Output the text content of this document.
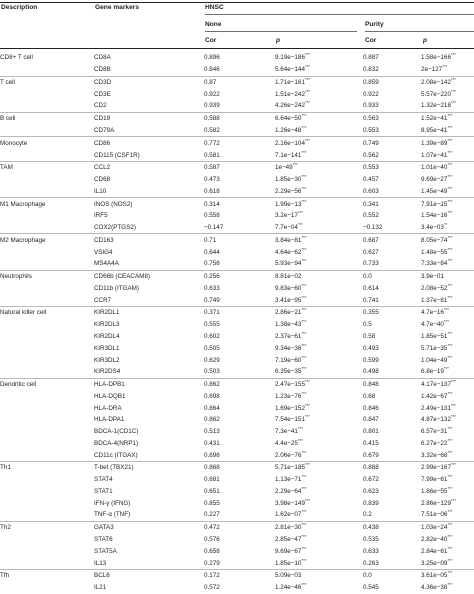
Description	Gene markers	HNSC
None	Purity
Cor	p	Cor	p
CD8+ T cell	CD8A	0.896	9.19e−186***	0.887	1.58e−166***
	CD8B	0.846	5.64e−144***	0.832	2e−127***
T cell	CD3D	0.87	1.71e−161***	0.859	2.08e−142***
	CD3E	0.922	1.51e−242***	0.922	5.57e−220***
	CD2	0.939	4.26e−242***	0.933	1.32e−218***
B cell	CD19	0.588	6.64e−50***	0.563	1.52e−41***
	CD79A	0.582	1.26e−48***	0.553	8.95e−41***
Monocyte	CD86	0.772	2.16e−104***	0.749	1.39e−89***
	CD115 (CSF1R)	0.581	7.1e−141***	0.562	1.07e−41***
TAM	CCL2	0.587	1e−49***	0.553	1.01e−40***
	CD68	0.473	1.85e−30***	0.457	9.69e−27***
	IL10	0.618	2.29e−56***	0.603	1.45e−49***
M1 Macrophage	INOS (NOS2)	0.314	1.99e−13***	0.341	7.91e−15***
	IRF5	0.558	3.2e−17***	0.552	1.54e−16***
	COX2(PTGS2)	−0.147	7.7e−04***	−0.132	3.4e−03**
M2 Macrophage	CD163	0.71	3.84e−81***	0.687	8.05e−74***
	VSIG4	0.644	4.64e−62***	0.627	1.48e−55***
	MS4A4A	0.756	5.93e−94***	0.733	7.33e−84***
Neutrophils	CD66b (CEACAM8)	0.256	8.81e−02	0.0	3.9e−01
	CD11b (ITGAM)	0.633	9.83e−60***	0.614	2.08e−52***
	CCR7	0.749	3.41e−95***	0.741	1.37e−81***
Natural killer cell	KIR2DL1	0.371	2.86e−21***	0.355	4.7e−16***
	KIR2DL3	0.555	1.38e−43***	0.5	4.7e−40***
	KIR2DL4	0.602	2.37e−61***	0.58	1.85e−51***
	KIR3DL1	0.505	9.34e−36***	0.493	5.71e−35***
	KIR3DL2	0.629	7.19e−60***	0.599	1.04e−49***
	KIR2DS4	0.503	6.35e−35***	0.498	6.8e−19***
Dendritic cell	HLA-DPB1	0.862	2.47e−155***	0.848	4.17e−137***
	HLA-DQB1	0.698	1.23e−76***	0.68	1.42e−67***
	HLA-DRA	0.864	1.69e−152***	0.846	2.49e−131***
	HLA-DPA1	0.862	7.54e−151***	0.847	4.87e−132***
	BDCA-1(CD1C)	0.513	7.3e−41***	0.801	6.57e−31***
	BDCA-4(NRP1)	0.431	4.4e−25***	0.415	6.27e−22***
	CD11c (ITGAX)	0.696	2.06e−76***	0.679	3.32e−68***
Th1	T-bet (TBX21)	0.868	5.71e−185***	0.888	2.99e−167***
	STAT4	0.681	1.13e−71***	0.672	7.99e−61***
	STAT1	0.651	2.29e−64***	0.623	1.86e−55***
	IFN-γ (IFNG)	0.855	3.98e−149***	0.839	2.86e−129***
	TNF-α (TNF)	0.227	1.62e−07***	0.2	7.51e−06***
Th2	GATA3	0.472	2.81e−30***	0.438	1.03e−24***
	STAT6	0.576	2.85e−47***	0.535	2.82e−40***
	STAT5A	0.658	9.69e−67***	0.633	2.84e−61***
	IL13	0.279	1.85e−10***	0.263	3.25e−09***
Tfh	BCL6	0.172	5.09e−03	0.0	3.61e−05***
	IL21	0.572	1.24e−46***	0.545	4.36e−38***
